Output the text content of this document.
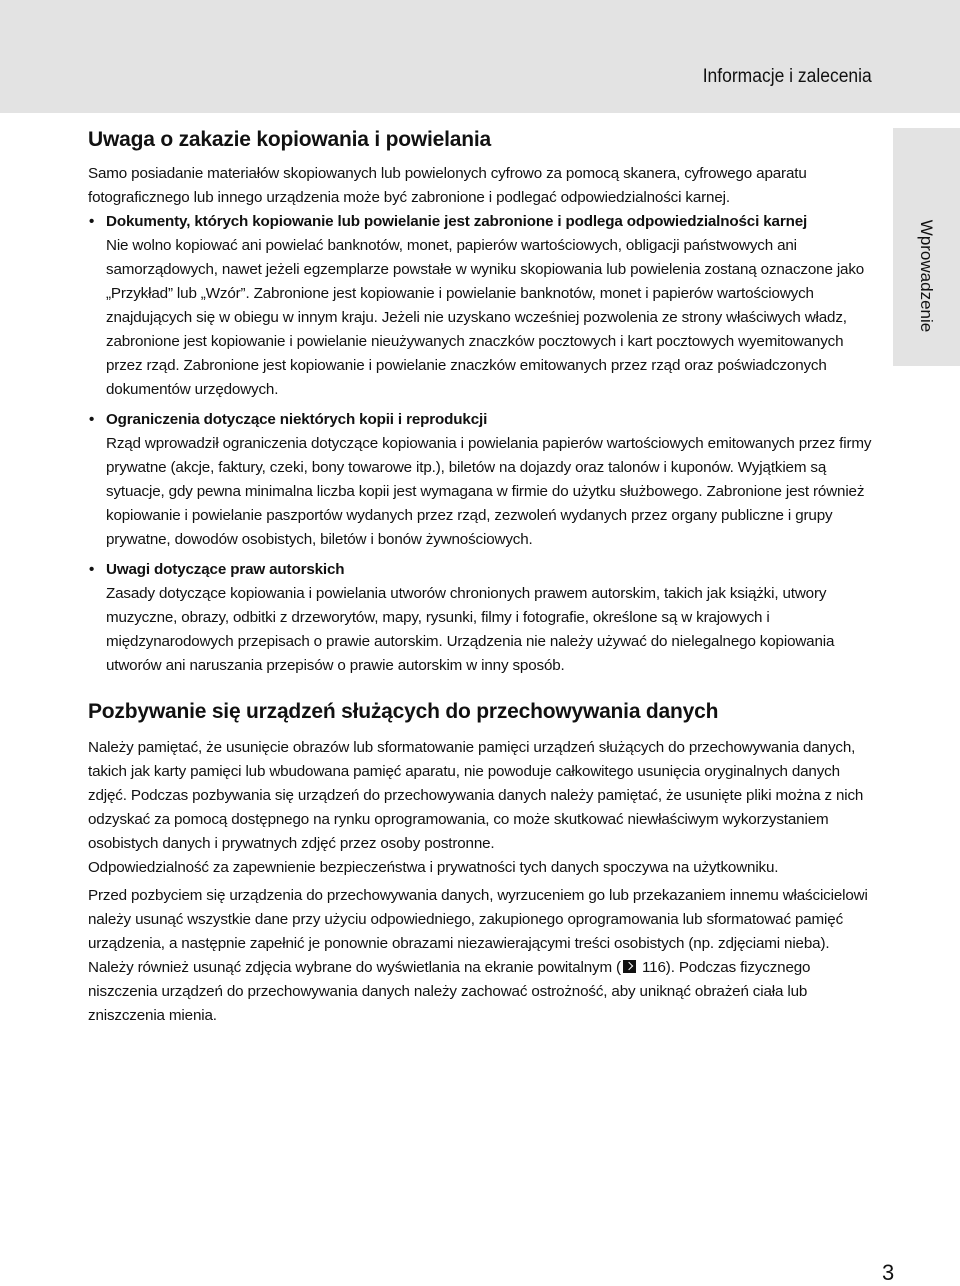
Informacje i zalecenia
Wprowadzenie
Uwaga o zakazie kopiowania i powielania

Samo posiadanie materiałów skopiowanych lub powielonych cyfrowo za pomocą skanera, cyfrowego aparatu fotograficznego lub innego urządzenia może być zabronione i podlegać odpowiedzialności karnej.

• Dokumenty, których kopiowanie lub powielanie jest zabronione i podlega odpowiedzialności karnej

Nie wolno kopiować ani powielać banknotów, monet, papierów wartościowych, obligacji państwowych ani samorządowych, nawet jeżeli egzemplarze powstałe w wyniku skopiowania lub powielenia zostaną oznaczone jako „Przykład” lub „Wzór”. Zabronione jest kopiowanie i powielanie banknotów, monet i papierów wartościowych znajdujących się w obiegu w innym kraju. Jeżeli nie uzyskano wcześniej pozwolenia ze strony właściwych władz, zabronione jest kopiowanie i powielanie nieużywanych znaczków pocztowych i kart pocztowych wyemitowanych przez rząd. Zabronione jest kopiowanie i powielanie znaczków emitowanych przez rząd oraz poświadczonych dokumentów urzędowych.

• Ograniczenia dotyczące niektórych kopii i reprodukcji

Rząd wprowadził ograniczenia dotyczące kopiowania i powielania papierów wartościowych emitowanych przez firmy prywatne (akcje, faktury, czeki, bony towarowe itp.), biletów na dojazdy oraz talonów i kuponów. Wyjątkiem są sytuacje, gdy pewna minimalna liczba kopii jest wymagana w firmie do użytku służbowego. Zabronione jest również kopiowanie i powielanie paszportów wydanych przez rząd, zezwoleń wydanych przez organy publiczne i grupy prywatne, dowodów osobistych, biletów i bonów żywnościowych.

• Uwagi dotyczące praw autorskich

Zasady dotyczące kopiowania i powielania utworów chronionych prawem autorskim, takich jak książki, utwory muzyczne, obrazy, odbitki z drzeworytów, mapy, rysunki, filmy i fotografie, określone są w krajowych i międzynarodowych przepisach o prawie autorskim. Urządzenia nie należy używać do nielegalnego kopiowania utworów ani naruszania przepisów o prawie autorskim w inny sposób.

Pozbywanie się urządzeń służących do przechowywania danych

Należy pamiętać, że usunięcie obrazów lub sformatowanie pamięci urządzeń służących do przechowywania danych, takich jak karty pamięci lub wbudowana pamięć aparatu, nie powoduje całkowitego usunięcia oryginalnych danych zdjęć. Podczas pozbywania się urządzeń do przechowywania danych należy pamiętać, że usunięte pliki można z nich odzyskać za pomocą dostępnego na rynku oprogramowania, co może skutkować niewłaściwym wykorzystaniem osobistych danych i prywatnych zdjęć przez osoby postronne.

Odpowiedzialność za zapewnienie bezpieczeństwa i prywatności tych danych spoczywa na użytkowniku.

Przed pozbyciem się urządzenia do przechowywania danych, wyrzuceniem go lub przekazaniem innemu właścicielowi należy usunąć wszystkie dane przy użyciu odpowiedniego, zakupionego oprogramowania lub sformatować pamięć urządzenia, a następnie zapełnić je ponownie obrazami niezawierającymi treści osobistych (np. zdjęciami nieba). Należy również usunąć zdjęcia wybrane do wyświetlania na ekranie powitalnym ( 116). Podczas fizycznego niszczenia urządzeń do przechowywania danych należy zachować ostrożność, aby uniknąć obrażeń ciała lub zniszczenia mienia.

3
